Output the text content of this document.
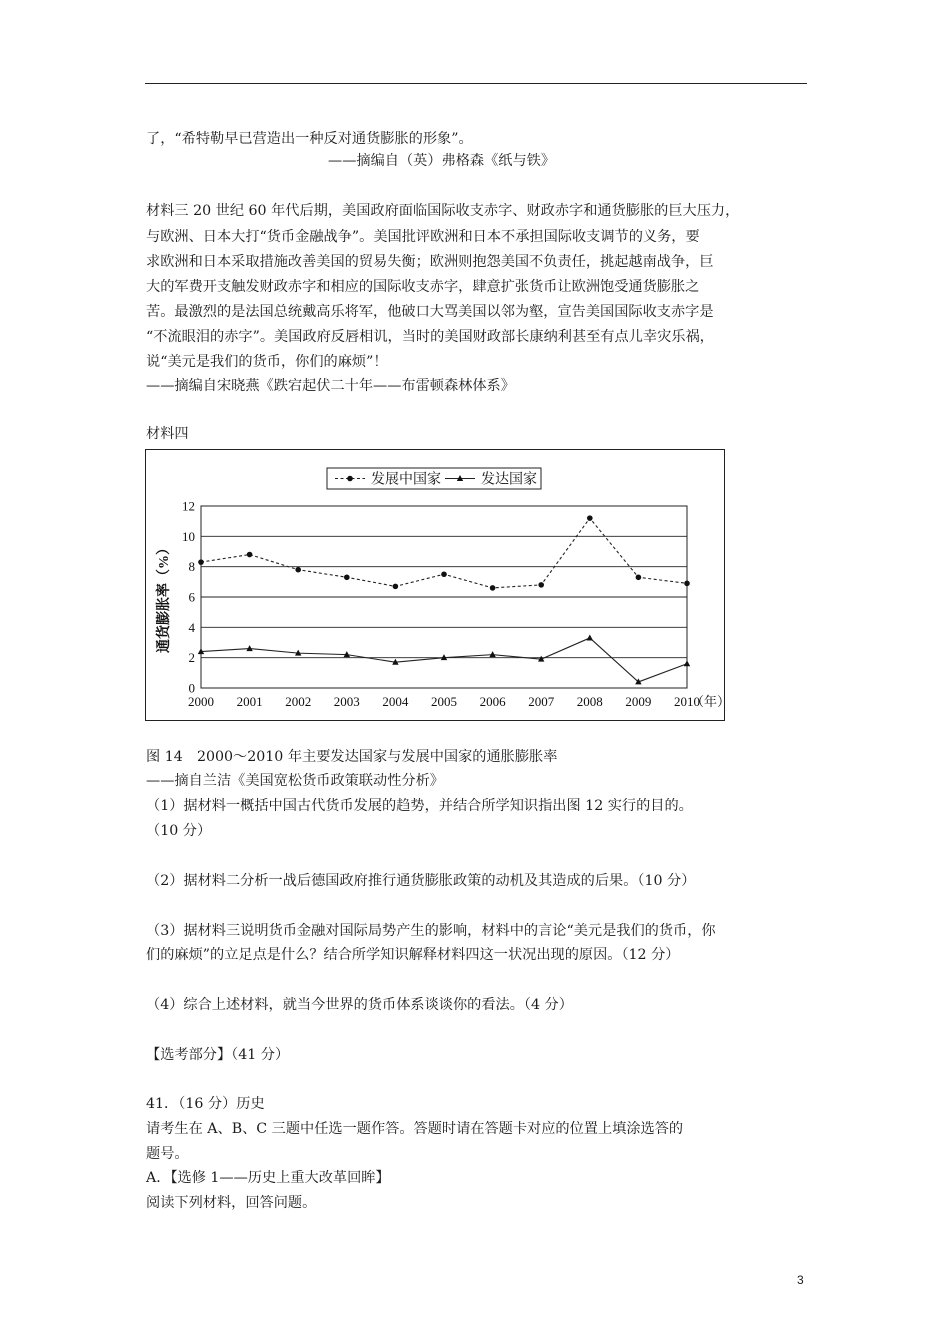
了，“希特勒早已营造出一种反对通货膨胀的形象”。
——摘编自（英）弗格森《纸与铁》
材料三 20 世纪 60 年代后期，美国政府面临国际收支赤字、财政赤字和通货膨胀的巨大压力，
与欧洲、日本大打“货币金融战争”。美国批评欧洲和日本不承担国际收支调节的义务，要
求欧洲和日本采取措施改善美国的贸易失衡；欧洲则抱怨美国不负责任，挑起越南战争，巨
大的军费开支触发财政赤字和相应的国际收支赤字，肆意扩张货币让欧洲饱受通货膨胀之
苦。最激烈的是法国总统戴高乐将军，他破口大骂美国以邻为壑，宣告美国国际收支赤字是
“不流眼泪的赤字”。美国政府反唇相讥，当时的美国财政部长康纳利甚至有点儿幸灾乐祸，
说“美元是我们的货币，你们的麻烦”！
——摘编自宋晓燕《跌宕起伏二十年——布雷顿森林体系》
材料四
图 14　2000～2010 年主要发达国家与发展中国家的通胀膨胀率
——摘自兰洁《美国宽松货币政策联动性分析》
（1）据材料一概括中国古代货币发展的趋势，并结合所学知识指出图 12 实行的目的。
（10 分）
（2）据材料二分析一战后德国政府推行通货膨胀政策的动机及其造成的后果。（10 分）
（3）据材料三说明货币金融对国际局势产生的影响，材料中的言论“美元是我们的货币，你
们的麻烦”的立足点是什么？结合所学知识解释材料四这一状况出现的原因。（12 分）
（4）综合上述材料，就当今世界的货币体系谈谈你的看法。（4 分）
【选考部分】（41 分）
41．（16 分）历史
请考生在 A、B、C 三题中任选一题作答。答题时请在答题卡对应的位置上填涂选答的
题号。
A．【选修 1——历史上重大改革回眸】
阅读下列材料，回答问题。
0
2
4
6
8
10
12
2000 2001 2002 2003 2004 2005 2006 2007 2008 2009 2010
（年
通货膨胀率（%）
发展中国家	发达国家
3
